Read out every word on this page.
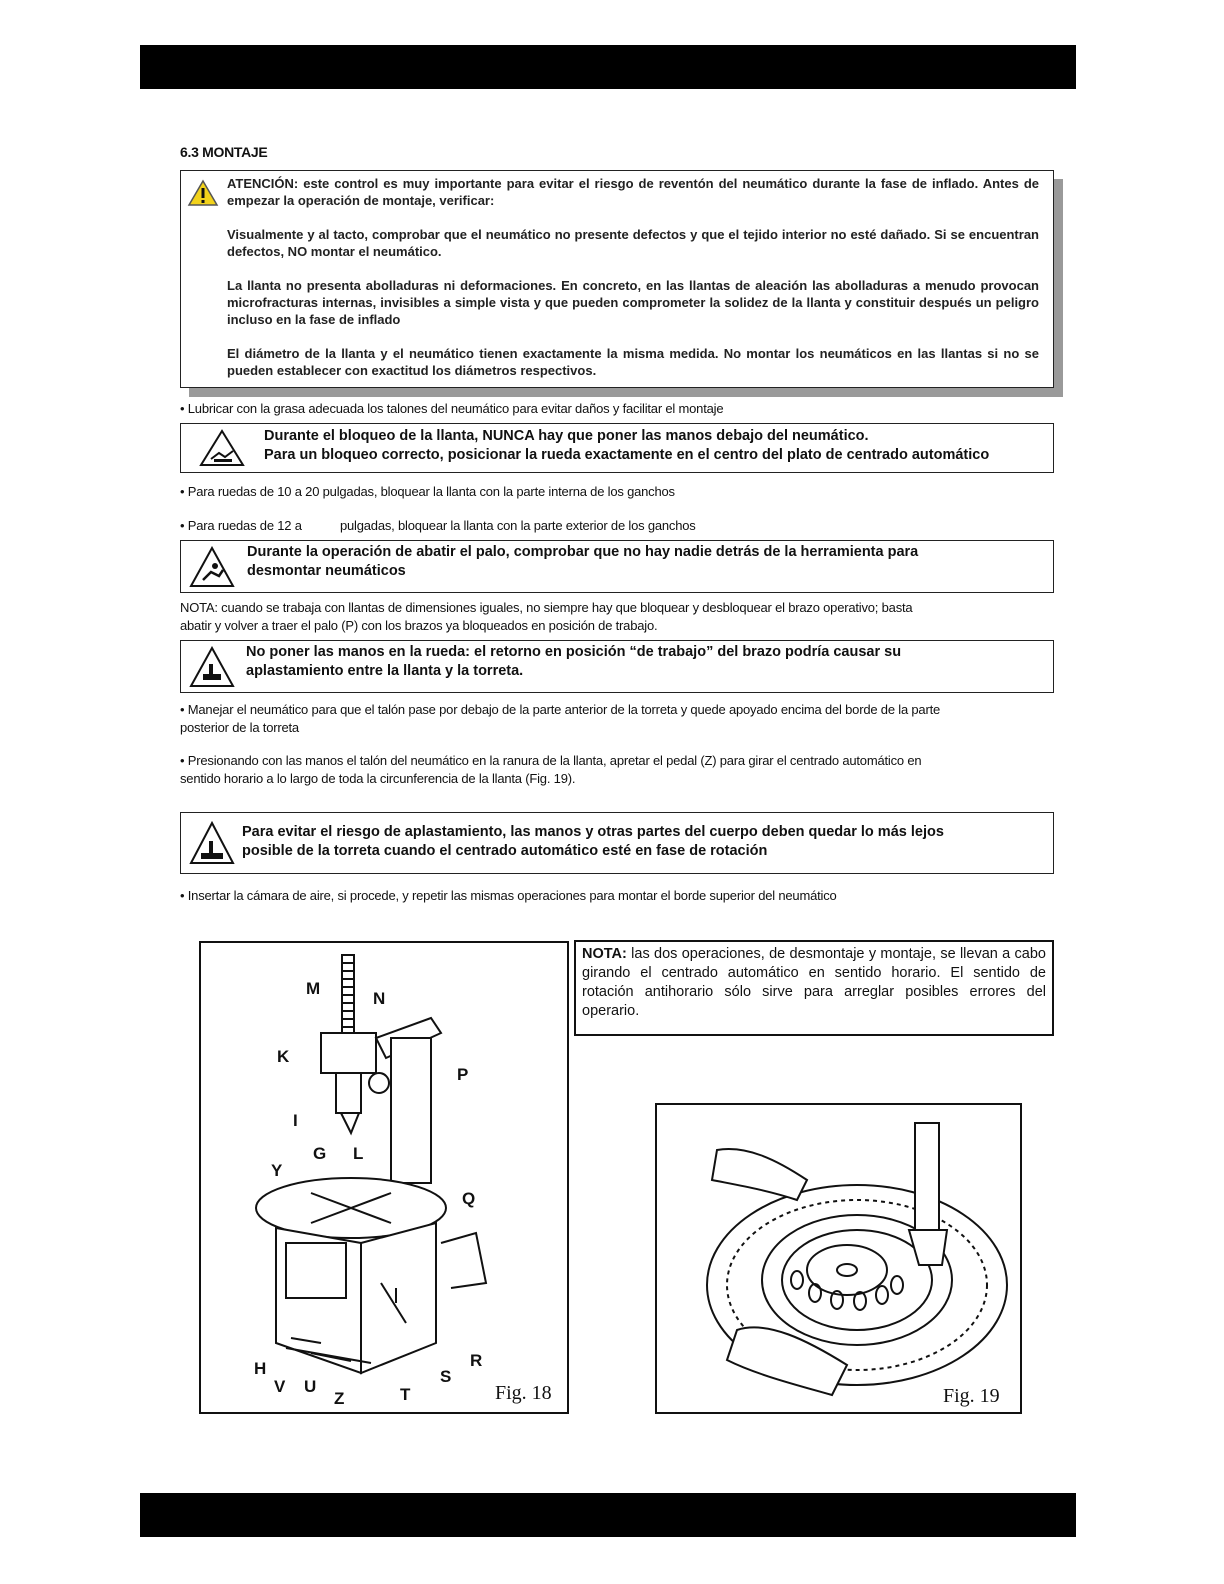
6.3 MONTAJE

ATENCIÓN: este control es muy importante para evitar el riesgo de reventón del neumático durante la fase de inflado. Antes de empezar la operación de montaje, verificar:

Visualmente y al tacto, comprobar que el neumático no presente defectos y que el tejido interior no esté dañado. Si se encuentran defectos, NO montar el neumático.

La llanta no presenta abolladuras ni deformaciones. En concreto, en las llantas de aleación las abolladuras a menudo provocan microfracturas internas, invisibles a simple vista y que pueden comprometer la solidez de la llanta y constituir después un peligro incluso en la fase de inflado

El diámetro de la llanta y el neumático tienen exactamente la misma medida. No montar los neumáticos en las llantas si no se pueden establecer con exactitud los diámetros respectivos.

• Lubricar con la grasa adecuada los talones del neumático para evitar daños y facilitar el montaje
Durante el bloqueo de la llanta, NUNCA hay que poner las manos debajo del neumático.
Para un bloqueo correcto, posicionar la rueda exactamente en el centro del plato de centrado automático
• Para ruedas de 10 a 20 pulgadas, bloquear la llanta con la parte interna de los ganchos
• Para ruedas de 12 a	pulgadas, bloquear la llanta con la parte exterior de los ganchos
Durante la operación de abatir el palo, comprobar que no hay nadie detrás de la herramienta para
desmontar neumáticos
NOTA: cuando se trabaja con llantas de dimensiones iguales, no siempre hay que bloquear y desbloquear el brazo operativo; basta
abatir y volver a traer el palo (P) con los brazos ya bloqueados en posición de trabajo.
No poner las manos en la rueda: el retorno en posición “de trabajo” del brazo podría causar su
aplastamiento entre la llanta y la torreta.
• Manejar el neumático para que el talón pase por debajo de la parte anterior de la torreta y quede apoyado encima del borde de la parte
posterior de la torreta
• Presionando con las manos el talón del neumático en la ranura de la llanta, apretar el pedal (Z) para girar el centrado automático en
sentido horario a lo largo de toda la circunferencia de la llanta (Fig. 19).
Para evitar el riesgo de aplastamiento, las manos y otras partes del cuerpo deben quedar lo más lejos
posible de la torreta cuando el centrado automático esté en fase de rotación
• Insertar la cámara de aire, si procede, y repetir las mismas operaciones para montar el borde superior del neumático
M
N
K
P
I
G L
Y
Q
H
V U
Z	T
S
R
Fig. 18
NOTA: las dos operaciones, de desmontaje y montaje, se llevan a cabo girando el centrado automático en sentido horario. El sentido de rotación antihorario sólo sirve para arreglar posibles errores del operario.
Fig. 19
